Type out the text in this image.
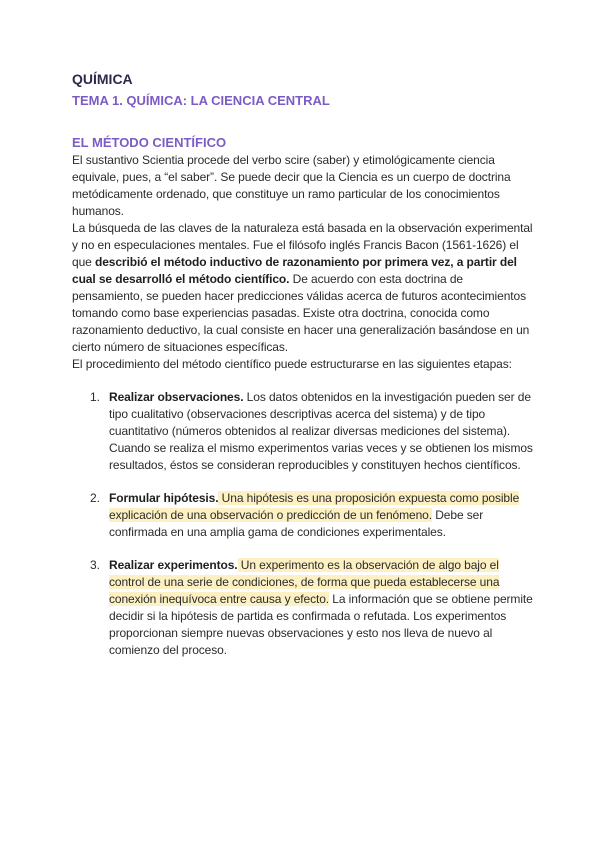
QUÍMICA
TEMA 1. QUÍMICA: LA CIENCIA CENTRAL
EL MÉTODO CIENTÍFICO

El sustantivo Scientia procede del verbo scire (saber) y etimológicamente ciencia equivale, pues, a “el saber”. Se puede decir que la Ciencia es un cuerpo de doctrina metódicamente ordenado, que constituye un ramo particular de los conocimientos humanos.

La búsqueda de las claves de la naturaleza está basada en la observación experimental y no en especulaciones mentales. Fue el filósofo inglés Francis Bacon (1561-1626) el que describió el método inductivo de razonamiento por primera vez, a partir del cual se desarrolló el método científico. De acuerdo con esta doctrina de pensamiento, se pueden hacer predicciones válidas acerca de futuros acontecimientos tomando como base experiencias pasadas. Existe otra doctrina, conocida como razonamiento deductivo, la cual consiste en hacer una generalización basándose en un cierto número de situaciones específicas.

El procedimiento del método científico puede estructurarse en las siguientes etapas:

1. Realizar observaciones. Los datos obtenidos en la investigación pueden ser de tipo cualitativo (observaciones descriptivas acerca del sistema) y de tipo cuantitativo (números obtenidos al realizar diversas mediciones del sistema). Cuando se realiza el mismo experimentos varias veces y se obtienen los mismos resultados, éstos se consideran reproducibles y constituyen hechos científicos.
2. Formular hipótesis. Una hipótesis es una proposición expuesta como posible explicación de una observación o predicción de un fenómeno. Debe ser confirmada en una amplia gama de condiciones experimentales.
3. Realizar experimentos. Un experimento es la observación de algo bajo el control de una serie de condiciones, de forma que pueda establecerse una conexión inequívoca entre causa y efecto. La información que se obtiene permite decidir si la hipótesis de partida es confirmada o refutada. Los experimentos proporcionan siempre nuevas observaciones y esto nos lleva de nuevo al comienzo del proceso.
